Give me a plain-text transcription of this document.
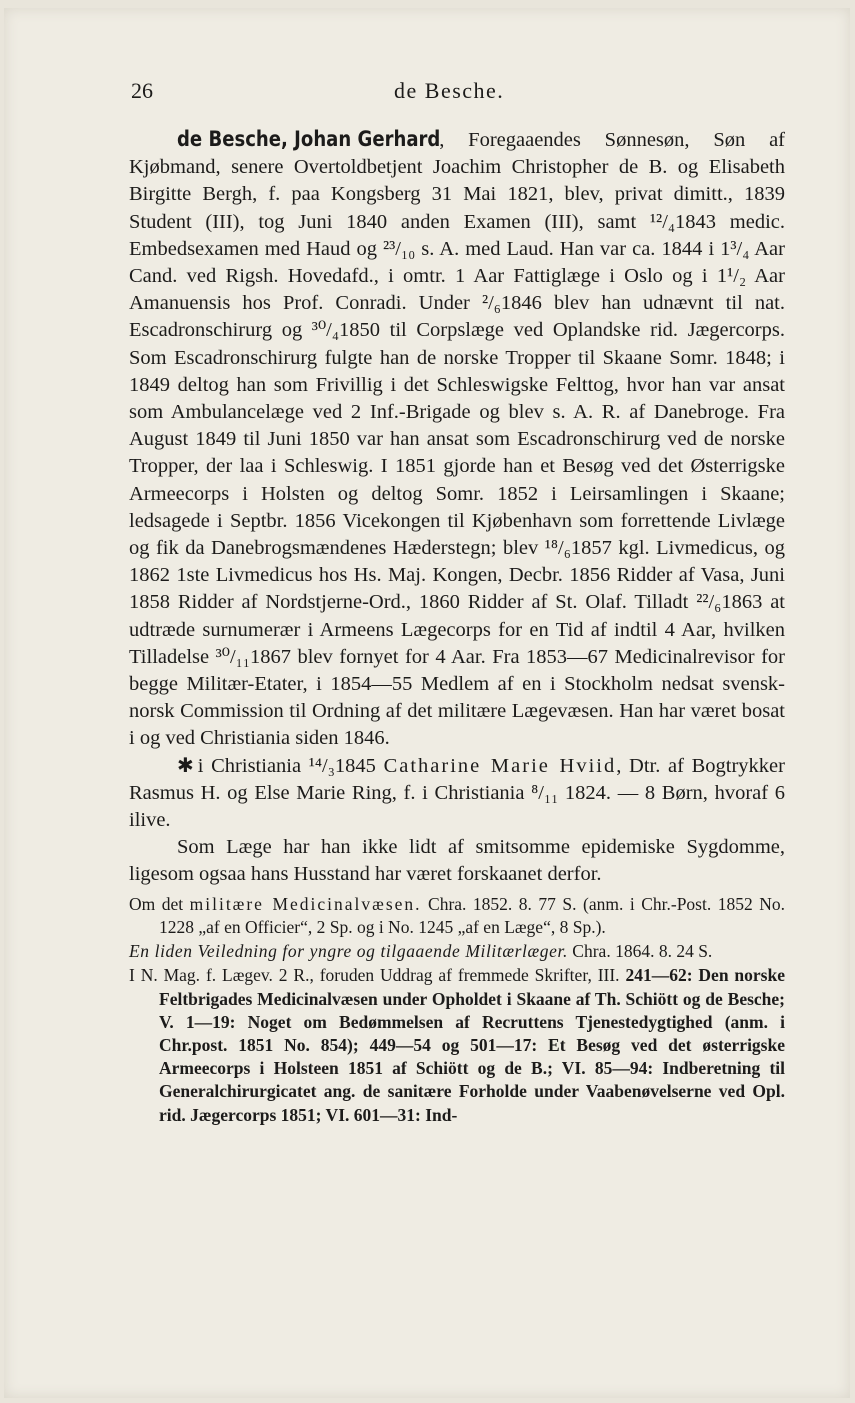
26	de Besche.
de Besche, Johan Gerhard, Foregaaendes Sønnesøn, Søn af Kjøbmand, senere Overtoldbetjent Joachim Christopher de B. og Elisabeth Birgitte Bergh, f. paa Kongsberg 31 Mai 1821, blev, privat dimitt., 1839 Student (III), tog Juni 1840 anden Examen (III), samt ¹²/₄1843 medic. Embedsexamen med Haud og ²³/₁₀ s. A. med Laud. Han var ca. 1844 i 1³/₄ Aar Cand. ved Rigsh. Hovedafd., i omtr. 1 Aar Fattiglæge i Oslo og i 1¹/₂ Aar Amanuensis hos Prof. Conradi. Under ²/₆1846 blev han udnævnt til nat. Escadronschirurg og ³⁰/₄1850 til Corpslæge ved Oplandske rid. Jægercorps. Som Escadronschirurg fulgte han de norske Tropper til Skaane Somr. 1848; i 1849 deltog han som Frivillig i det Schleswigske Felttog, hvor han var ansat som Ambulancelæge ved 2 Inf.-Brigade og blev s. A. R. af Danebroge. Fra August 1849 til Juni 1850 var han ansat som Escadronschirurg ved de norske Tropper, der laa i Schleswig. I 1851 gjorde han et Besøg ved det Østerrigske Armeecorps i Holsten og deltog Somr. 1852 i Leirsamlingen i Skaane; ledsagede i Septbr. 1856 Vicekongen til Kjøbenhavn som forrettende Livlæge og fik da Danebrogsmændenes Hæderstegn; blev ¹⁸/₆1857 kgl. Livmedicus, og 1862 1ste Livmedicus hos Hs. Maj. Kongen, Decbr. 1856 Ridder af Vasa, Juni 1858 Ridder af Nordstjerne-Ord., 1860 Ridder af St. Olaf. Tilladt ²²/₆1863 at udtræde surnumerær i Armeens Lægecorps for en Tid af indtil 4 Aar, hvilken Tilladelse ³⁰/₁₁1867 blev fornyet for 4 Aar. Fra 1853—67 Medicinalrevisor for begge Militær-Etater, i 1854—55 Medlem af en i Stockholm nedsat svensk-norsk Commission til Ordning af det militære Lægevæsen. Han har været bosat i og ved Christiania siden 1846.
✱ i Christiania ¹⁴/₃1845 Catharine Marie Hviid, Dtr. af Bogtrykker Rasmus H. og Else Marie Ring, f. i Christiania ⁸/₁₁ 1824. — 8 Børn, hvoraf 6 ilive.
Som Læge har han ikke lidt af smitsomme epidemiske Sygdomme, ligesom ogsaa hans Husstand har været forskaanet derfor.

Om det militære Medicinalvæsen. Chra. 1852. 8. 77 S. (anm. i Chr.-Post. 1852 No. 1228 „af en Officier“, 2 Sp. og i No. 1245 „af en Læge“, 8 Sp.).

En liden Veiledning for yngre og tilgaaende Militærlæger. Chra. 1864. 8. 24 S.

I N. Mag. f. Lægev. 2 R., foruden Uddrag af fremmede Skrifter, III. 241—62: Den norske Feltbrigades Medicinalvæsen under Opholdet i Skaane af Th. Schiött og de Besche; V. 1—19: Noget om Bedømmelsen af Recruttens Tjenestedygtighed (anm. i Chr.post. 1851 No. 854); 449—54 og 501—17: Et Besøg ved det østerrigske Armeecorps i Holsteen 1851 af Schiött og de B.; VI. 85—94: Indberetning til Generalchirurgicatet ang. de sanitære Forholde under Vaabenøvelserne ved Opl. rid. Jægercorps 1851; VI. 601—31: Ind-
